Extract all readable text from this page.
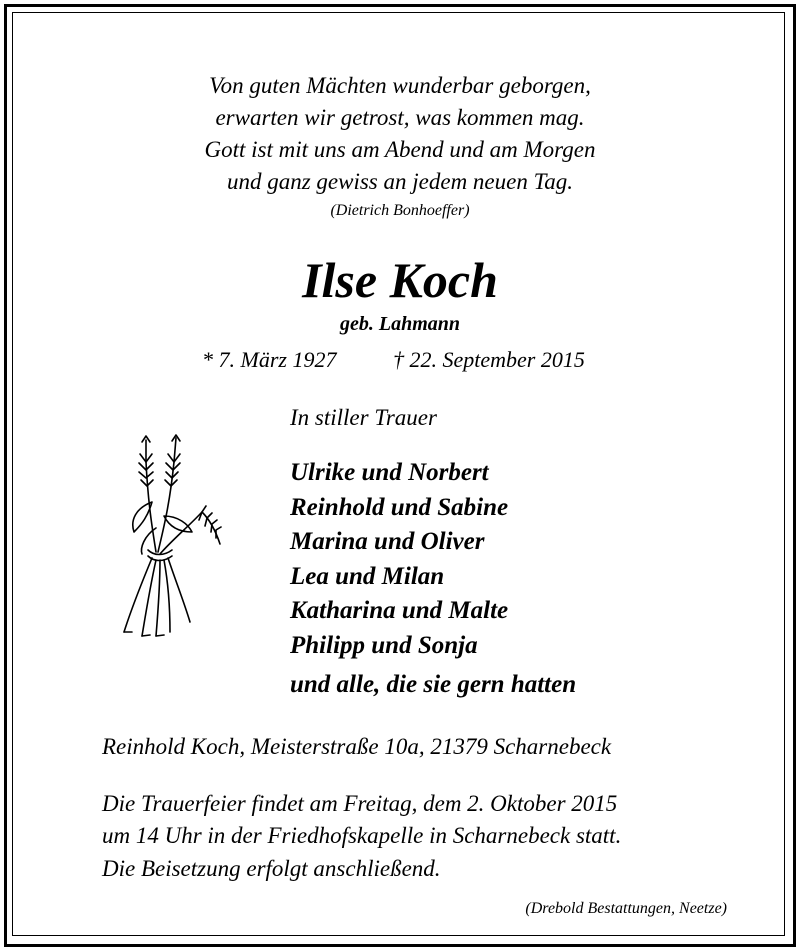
Von guten Mächten wunderbar geborgen,
erwarten wir getrost, was kommen mag.
Gott ist mit uns am Abend und am Morgen
und ganz gewiss an jedem neuen Tag.
(Dietrich Bonhoeffer)
Ilse Koch
geb. Lahmann
* 7. März 1927	† 22. September 2015
In stiller Trauer
Ulrike und Norbert
Reinhold und Sabine
Marina und Oliver
Lea und Milan
Katharina und Malte
Philipp und Sonja
und alle, die sie gern hatten
Reinhold Koch, Meisterstraße 10a, 21379 Scharnebeck
Die Trauerfeier findet am Freitag, dem 2. Oktober 2015
um 14 Uhr in der Friedhofskapelle in Scharnebeck statt.
Die Beisetzung erfolgt anschließend.
(Drebold Bestattungen, Neetze)
